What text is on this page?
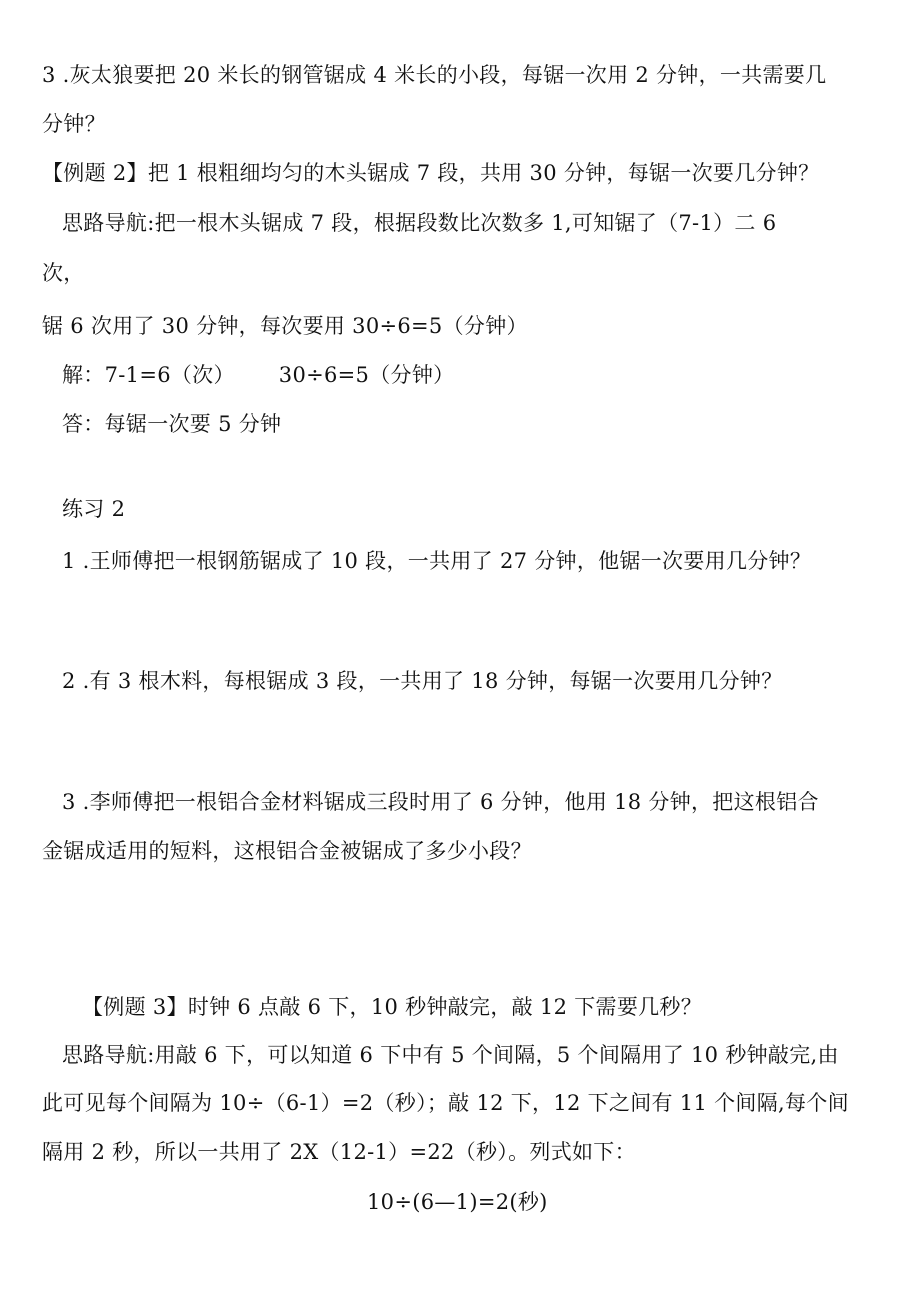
3 .灰太狼要把 20 米长的钢管锯成 4 米长的小段，每锯一次用 2 分钟，一共需要几
分钟？
【例题 2】把 1 根粗细均匀的木头锯成 7 段，共用 30 分钟，每锯一次要几分钟？
思路导航:把一根木头锯成 7 段，根据段数比次数多 1,可知锯了（7-1）二 6
次，
锯 6 次用了 30 分钟，每次要用 30÷6=5（分钟）
解：7-1=6（次） 30÷6=5（分钟）
答：每锯一次要 5 分钟
练习 2
1 .王师傅把一根钢筋锯成了 10 段，一共用了 27 分钟，他锯一次要用几分钟？
2 .有 3 根木料，每根锯成 3 段，一共用了 18 分钟，每锯一次要用几分钟？
3 .李师傅把一根铝合金材料锯成三段时用了 6 分钟，他用 18 分钟，把这根铝合
金锯成适用的短料，这根铝合金被锯成了多少小段？
【例题 3】时钟 6 点敲 6 下，10 秒钟敲完，敲 12 下需要几秒？
思路导航:用敲 6 下，可以知道 6 下中有 5 个间隔，5 个间隔用了 10 秒钟敲完,由
此可见每个间隔为 10÷（6-1）=2（秒）；敲 12 下，12 下之间有 11 个间隔,每个间
隔用 2 秒，所以一共用了 2X（12-1）=22（秒）。列式如下：
10÷(6—1)=2(秒)
